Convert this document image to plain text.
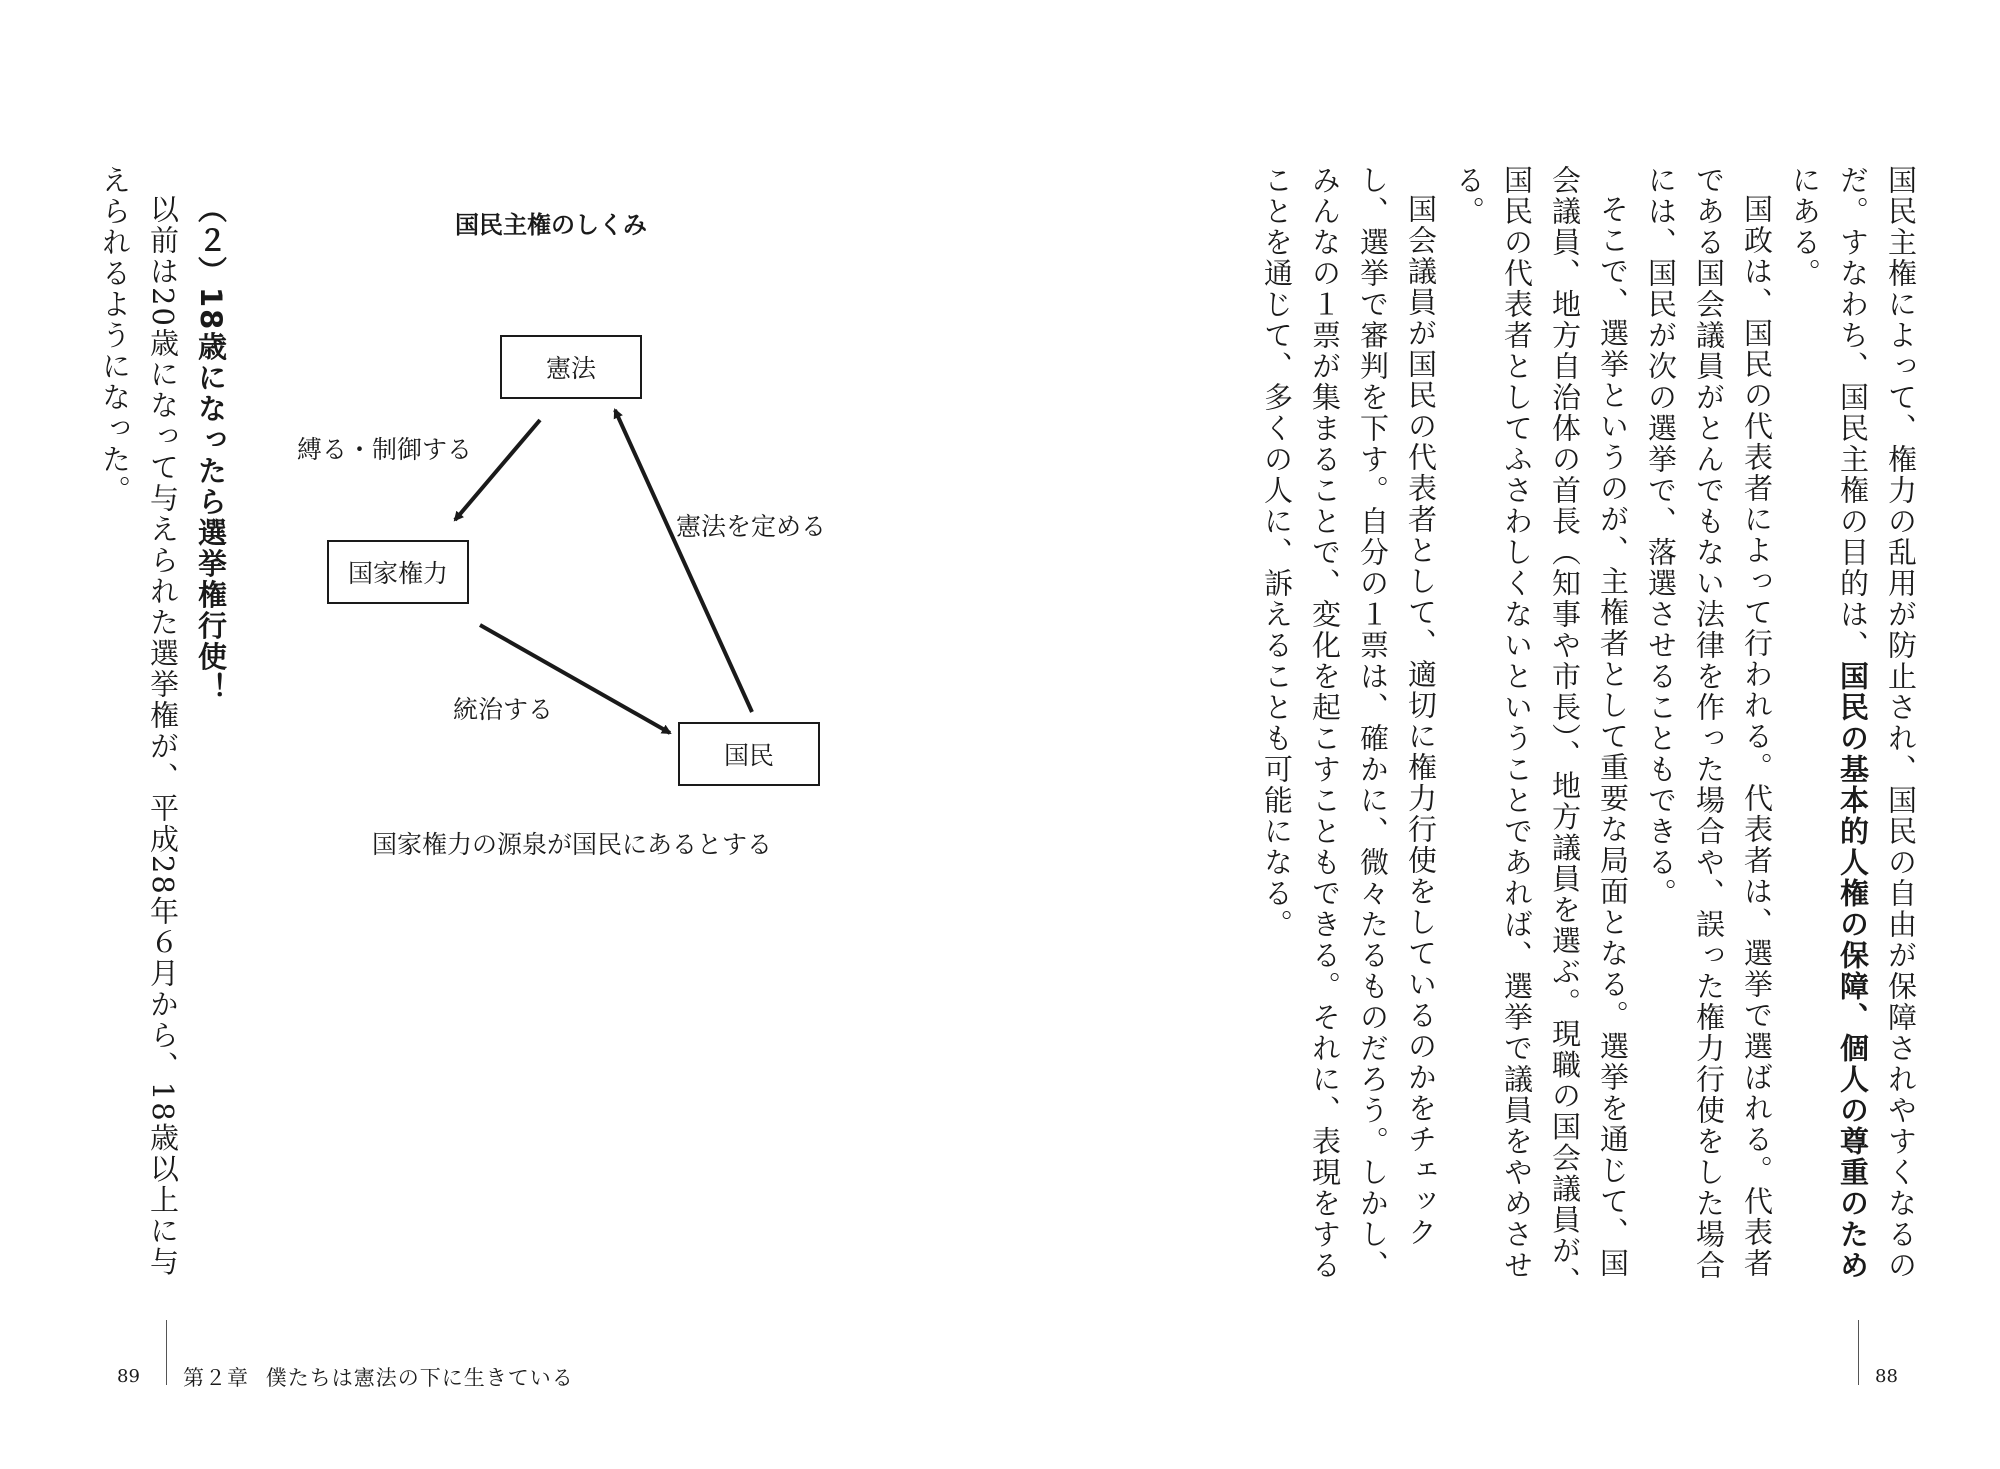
国民主権によって、権力の乱用が防止され、国民の自由が保障されやすくなるのだ。すなわち、国民主権の目的は、国民の基本的人権の保障、個人の尊重のためにある。

国政は、国民の代表者によって行われる。代表者は、選挙で選ばれる。代表者である国会議員がとんでもない法律を作った場合や、誤った権力行使をした場合には、国民が次の選挙で、落選させることもできる。

そこで、選挙というのが、主権者として重要な局面となる。選挙を通じて、国会議員、地方自治体の首長（知事や市長）、地方議員を選ぶ。現職の国会議員が、国民の代表者としてふさわしくないということであれば、選挙で議員をやめさせる。

国会議員が国民の代表者として、適切に権力行使をしているのかをチェックし、選挙で審判を下す。自分の１票は、確かに、微々たるものだろう。しかし、みんなの１票が集まることで、変化を起こすこともできる。それに、表現をすることを通じて、多くの人に、訴えることも可能になる。

（２）18歳になったら選挙権行使！

以前は20歳になって与えられた選挙権が、平成28年６月から、18歳以上に与えられるようになった。	国民主権のしくみ
憲法
国家権力
国民
縛る・制御する
憲法を定める
統治する
国家権力の源泉が国民にあるとする
89 第２章 僕たちは憲法の下に生きている	88
